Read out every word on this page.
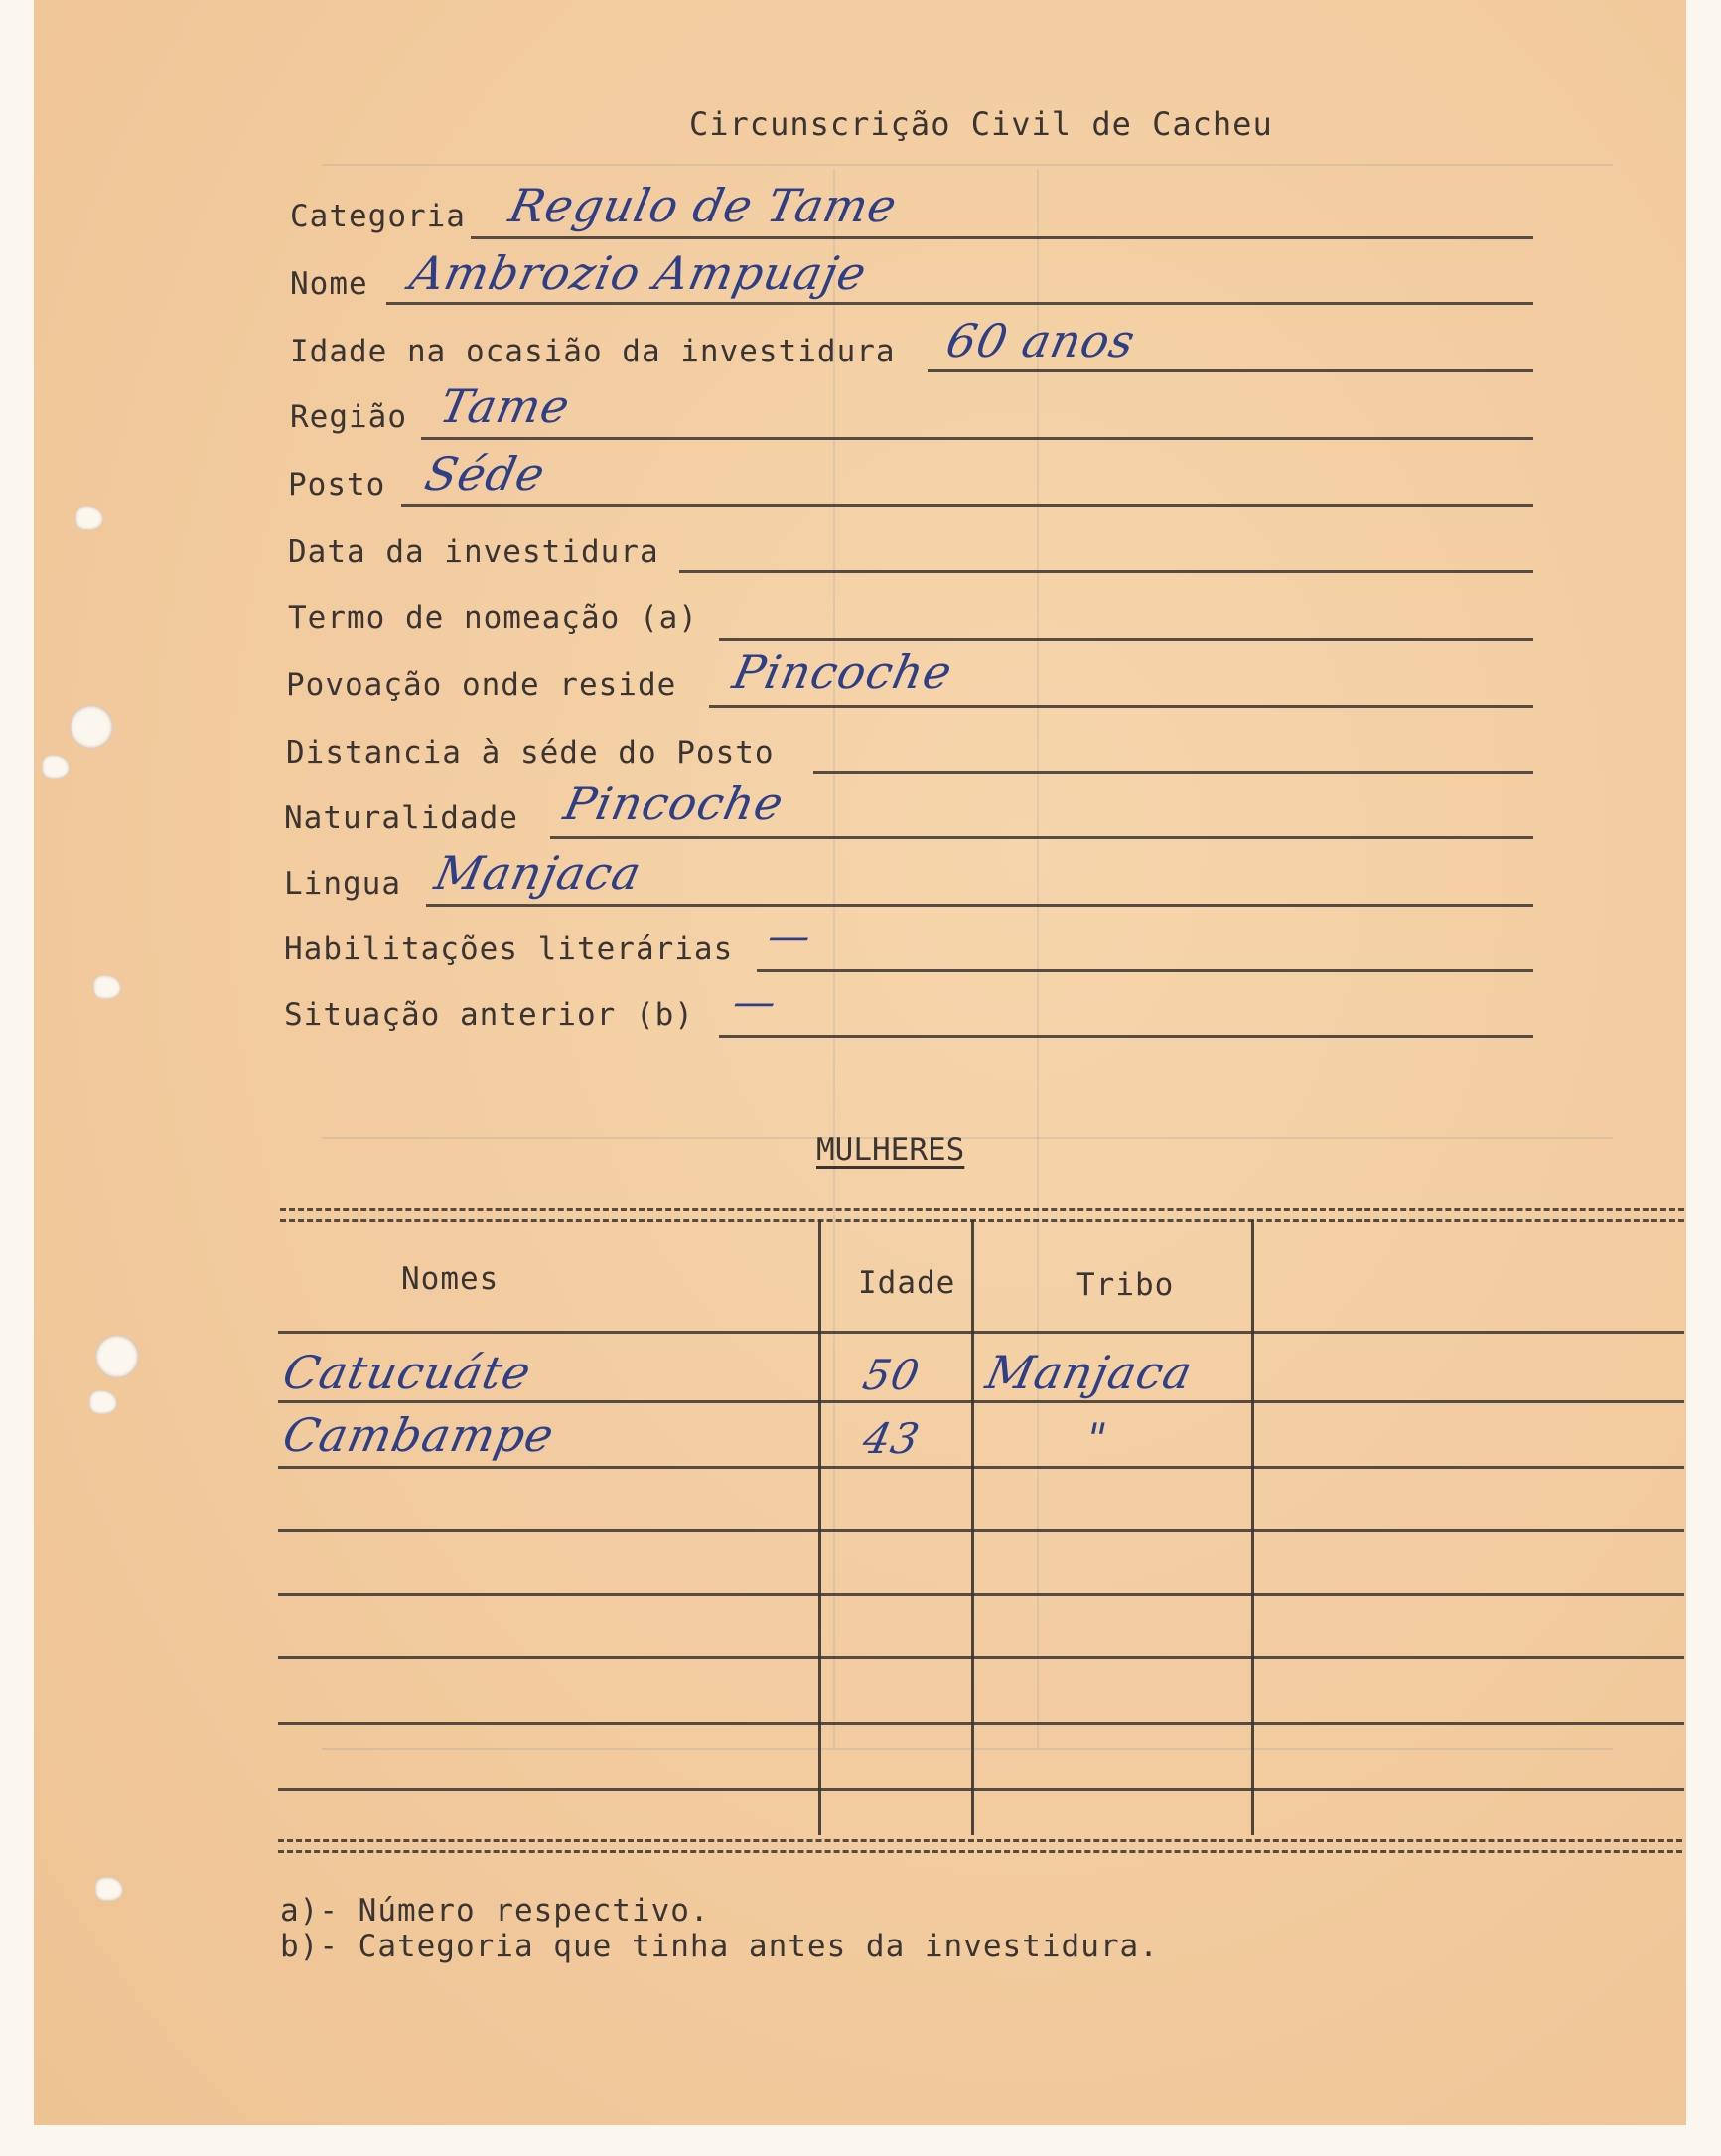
Circunscrição Civil de Cacheu
Categoria Regulo de Tame
Nome Ambrozio Ampuaje
Idade na ocasião da investidura 60 anos
Região Tame
Posto Séde
Data da investidura
Termo de nomeação (a)
Povoação onde reside Pincoche
Distancia à séde do Posto
Naturalidade Pincoche
Lingua Manjaca
Habilitações literárias —
Situação anterior (b) —
MULHERES
Nomes	Idade	Tribo
Catucuáte	50 Manjaca
Cambampe	43	"
a)- Número respectivo.
b)- Categoria que tinha antes da investidura.
